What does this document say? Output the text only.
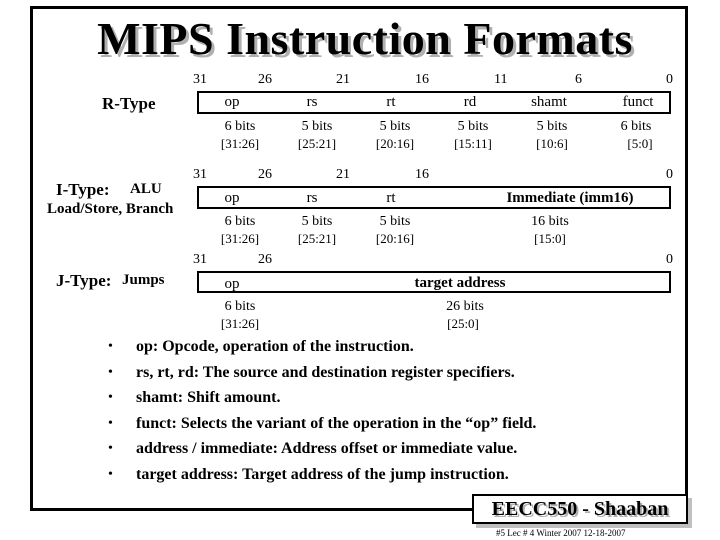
MIPS Instruction Formats
R-Type
31	26	21	16	11	6	0
op	rs	rt	rd	shamt	funct
6 bits	5 bits	5 bits	5 bits	5 bits	6 bits
[31:26]	[25:21]	[20:16]	[15:11]	[10:6]	[5:0]
I-Type: ALU
Load/Store, Branch
31	26	21	16	0
op	rs	rt	Immediate (imm16)
6 bits	5 bits	5 bits	16 bits
[31:26]	[25:21]	[20:16]	[15:0]
J-Type: Jumps
31	26	0
op	target address
6 bits	26 bits
[31:26]	[25:0]
• op: Opcode, operation of the instruction.
• rs, rt, rd: The source and destination register specifiers.
• shamt: Shift amount.
• funct: Selects the variant of the operation in the “op” field.
• address / immediate: Address offset or immediate value.
• target address: Target address of the jump instruction.
EECC550 - Shaaban
#5 Lec # 4 Winter 2007 12-18-2007
